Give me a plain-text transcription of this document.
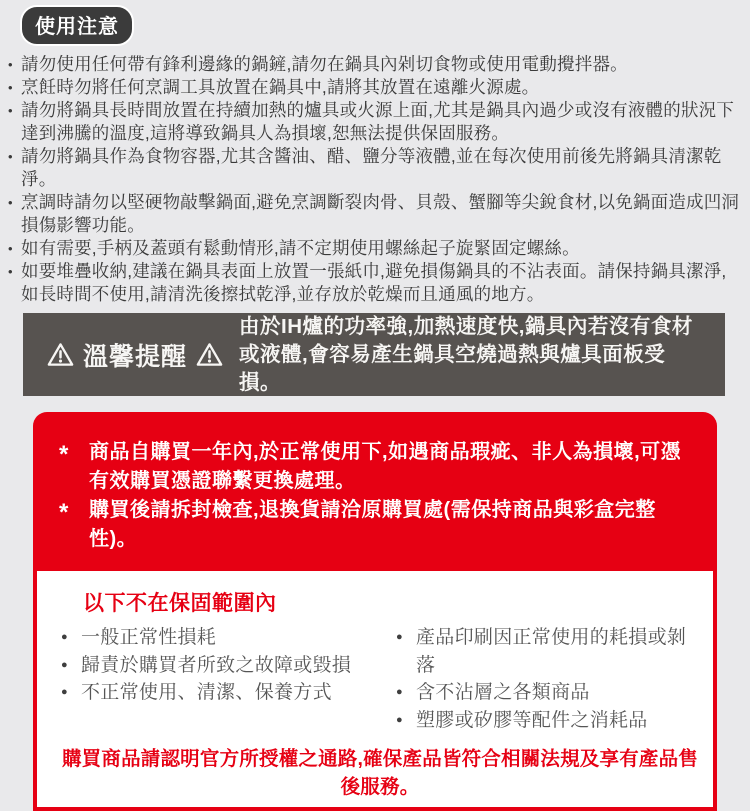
使用注意
• 請勿使用任何帶有鋒利邊緣的鍋鏟,請勿在鍋具內剁切食物或使用電動攪拌器。
• 烹飪時勿將任何烹調工具放置在鍋具中,請將其放置在遠離火源處。
• 請勿將鍋具長時間放置在持續加熱的爐具或火源上面,尤其是鍋具內過少或沒有液體的狀況下達到沸騰的溫度,這將導致鍋具人為損壞,恕無法提供保固服務。
• 請勿將鍋具作為食物容器,尤其含醬油、醋、鹽分等液體,並在每次使用前後先將鍋具清潔乾淨。
• 烹調時請勿以堅硬物敲擊鍋面,避免烹調斷裂肉骨、貝殼、蟹腳等尖銳食材,以免鍋面造成凹洞損傷影響功能。
• 如有需要,手柄及蓋頭有鬆動情形,請不定期使用螺絲起子旋緊固定螺絲。
• 如要堆疊收納,建議在鍋具表面上放置一張紙巾,避免損傷鍋具的不沾表面。請保持鍋具潔淨,如長時間不使用,請清洗後擦拭乾淨,並存放於乾燥而且通風的地方。
溫馨提醒
由於IH爐的功率強,加熱速度快,鍋具內若沒有食材或液體,會容易產生鍋具空燒過熱與爐具面板受損。
*	商品自購買一年內,於正常使用下,如遇商品瑕疵、非人為損壞,可憑有效購買憑證聯繫更換處理。
*	購買後請拆封檢查,退換貨請洽原購買處(需保持商品與彩盒完整性)。
以下不在保固範圍內
● 一般正常性損耗
● 歸責於購買者所致之故障或毀損
● 不正常使用、清潔、保養方式
● 產品印刷因正常使用的耗損或剝落
● 含不沾層之各類商品
● 塑膠或矽膠等配件之消耗品
購買商品請認明官方所授權之通路,確保產品皆符合相關法規及享有產品售後服務。
